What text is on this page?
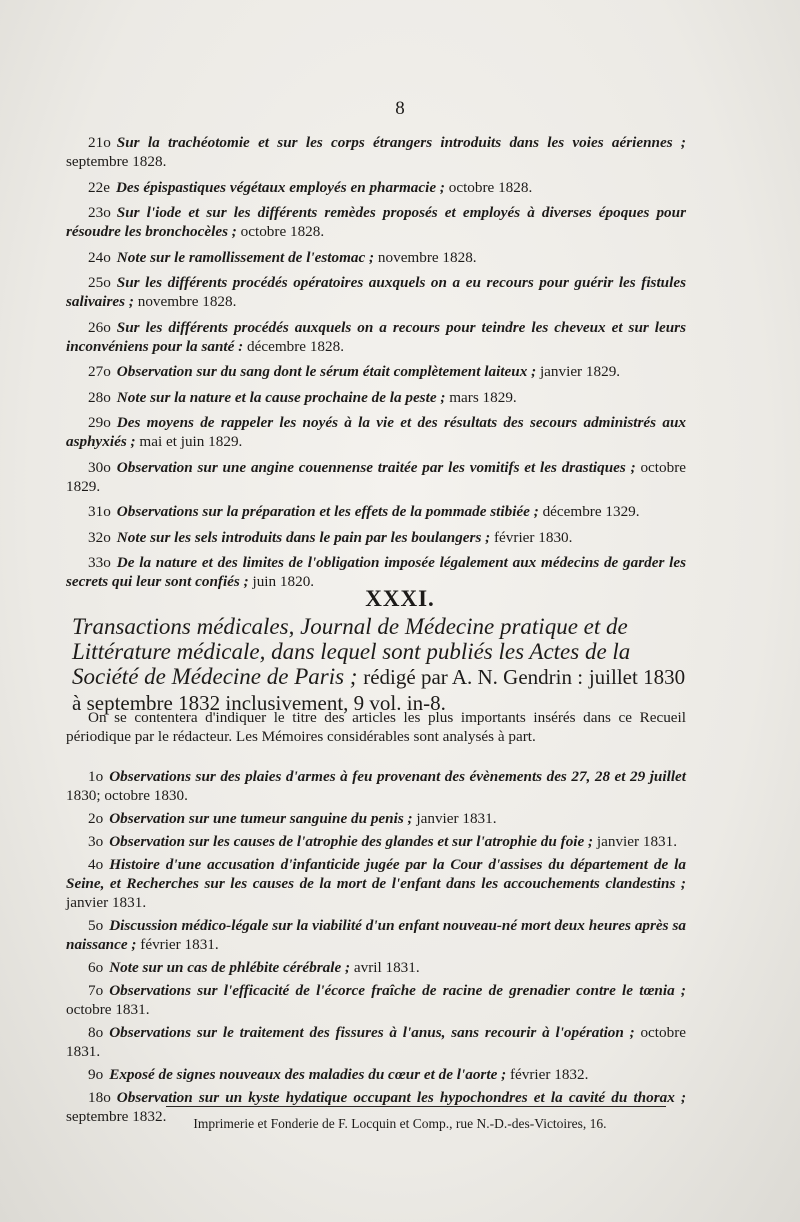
8

21o Sur la trachéotomie et sur les corps étrangers introduits dans les voies aériennes ; septembre 1828.

22e Des épispastiques végétaux employés en pharmacie ; octobre 1828.

23o Sur l'iode et sur les différents remèdes proposés et employés à diverses époques pour résoudre les bronchocèles ; octobre 1828.

24o Note sur le ramollissement de l'estomac ; novembre 1828.

25o Sur les différents procédés opératoires auxquels on a eu recours pour guérir les fistules salivaires ; novembre 1828.

26o Sur les différents procédés auxquels on a recours pour teindre les cheveux et sur leurs inconvéniens pour la santé : décembre 1828.

27o Observation sur du sang dont le sérum était complètement laiteux ; janvier 1829.

28o Note sur la nature et la cause prochaine de la peste ; mars 1829.

29o Des moyens de rappeler les noyés à la vie et des résultats des secours administrés aux asphyxiés ; mai et juin 1829.

30o Observation sur une angine couennense traitée par les vomitifs et les drastiques ; octobre 1829.

31o Observations sur la préparation et les effets de la pommade stibiée ; décembre 1329.

32o Note sur les sels introduits dans le pain par les boulangers ; février 1830.

33o De la nature et des limites de l'obligation imposée légalement aux médecins de garder les secrets qui leur sont confiés ; juin 1820.

XXXI.
Transactions médicales, Journal de Médecine pratique et de Littérature médicale, dans lequel sont publiés les Actes de la Société de Médecine de Paris ; rédigé par A. N. Gendrin : juillet 1830 à septembre 1832 inclusivement, 9 vol. in-8.
On se contentera d'indiquer le titre des articles les plus importants insérés dans ce Recueil périodique par le rédacteur. Les Mémoires considérables sont analysés à part.

1o Observations sur des plaies d'armes à feu provenant des évènements des 27, 28 et 29 juillet 1830; octobre 1830.

2o Observation sur une tumeur sanguine du penis ; janvier 1831.

3o Observation sur les causes de l'atrophie des glandes et sur l'atrophie du foie ; janvier 1831.

4o Histoire d'une accusation d'infanticide jugée par la Cour d'assises du département de la Seine, et Recherches sur les causes de la mort de l'enfant dans les accouchements clandestins ; janvier 1831.

5o Discussion médico-légale sur la viabilité d'un enfant nouveau-né mort deux heures après sa naissance ; février 1831.

6o Note sur un cas de phlébite cérébrale ; avril 1831.

7o Observations sur l'efficacité de l'écorce fraîche de racine de grenadier contre le tœnia ; octobre 1831.

8o Observations sur le traitement des fissures à l'anus, sans recourir à l'opération ; octobre 1831.

9o Exposé de signes nouveaux des maladies du cœur et de l'aorte ; février 1832.

18o Observation sur un kyste hydatique occupant les hypochondres et la cavité du thorax ; septembre 1832.	Imprimerie et Fonderie de F. Locquin et Comp., rue N.-D.-des-Victoires, 16.
